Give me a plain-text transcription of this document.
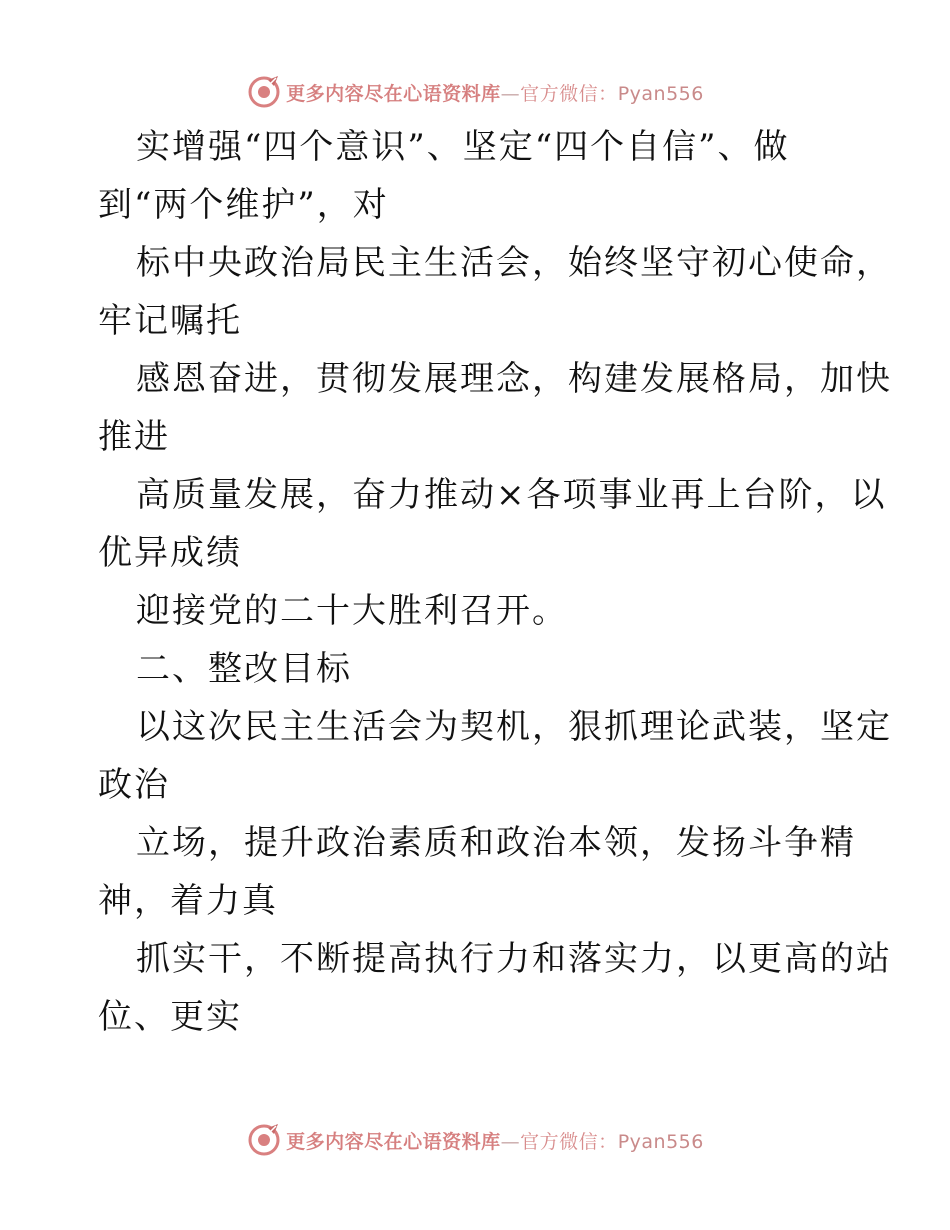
更多内容尽在心语资料库—官方微信：Pyan556
实增强“四个意识”、坚定“四个自信”、做
到“两个维护”，对
标中央政治局民主生活会，始终坚守初心使命，
牢记嘱托
感恩奋进，贯彻发展理念，构建发展格局，加快
推进
高质量发展，奋力推动×各项事业再上台阶，以
优异成绩
迎接党的二十大胜利召开。
二、整改目标
以这次民主生活会为契机，狠抓理论武装，坚定
政治
立场，提升政治素质和政治本领，发扬斗争精
神，着力真
抓实干，不断提高执行力和落实力，以更高的站
位、更实
更多内容尽在心语资料库—官方微信：Pyan556
